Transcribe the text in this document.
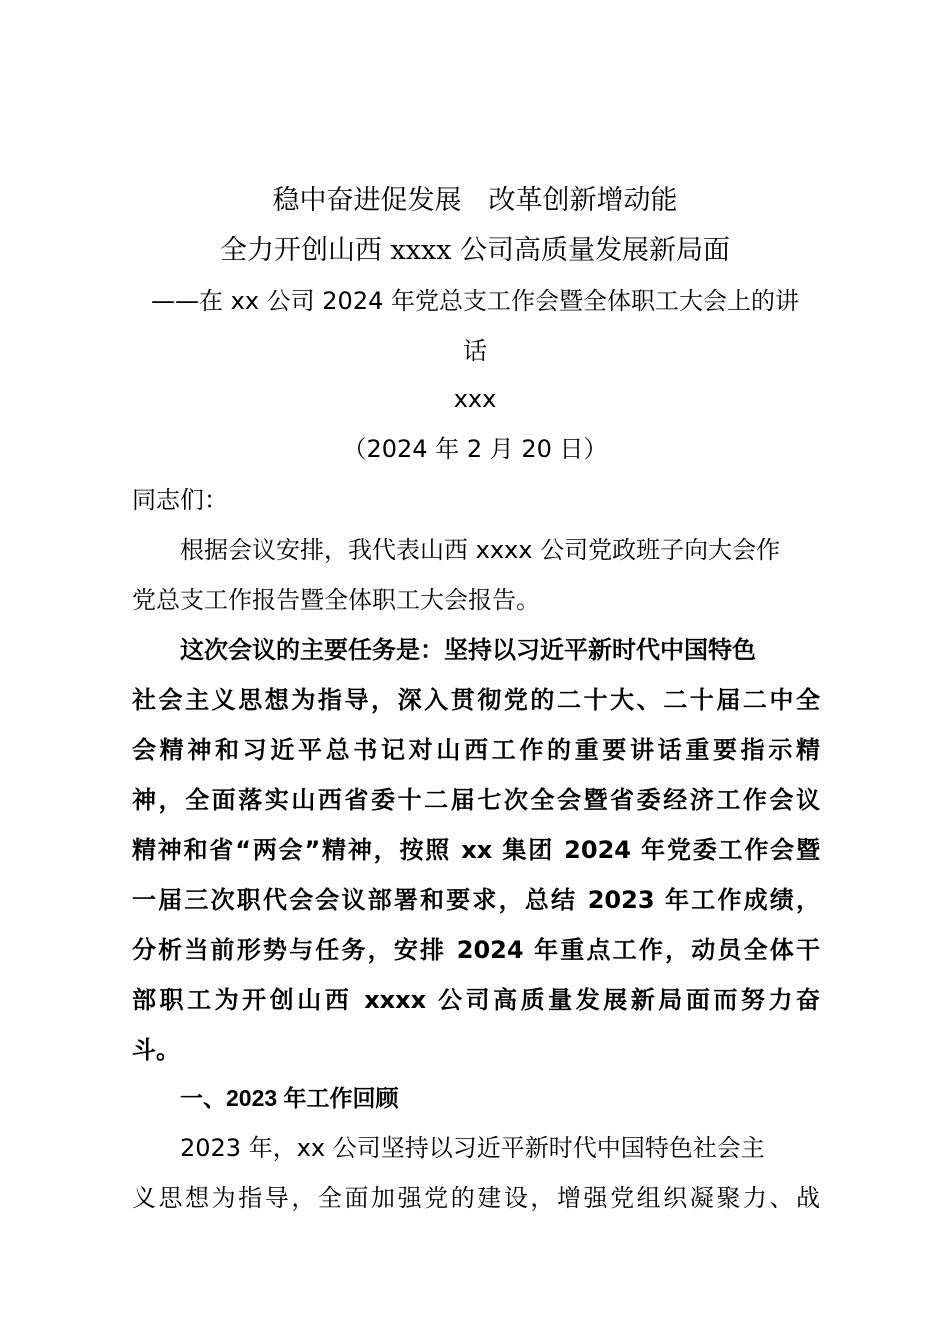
稳中奋进促发展　改革创新增动能
全力开创山西 xxxx 公司高质量发展新局面
——在 xx 公司 2024 年党总支工作会暨全体职工大会上的讲
话
xxx
（2024 年 2 月 20 日）
同志们：
根据会议安排，我代表山西 xxxx 公司党政班子向大会作
党总支工作报告暨全体职工大会报告。
这次会议的主要任务是：坚持以习近平新时代中国特色
社会主义思想为指导，深入贯彻党的二十大、二十届二中全
会精神和习近平总书记对山西工作的重要讲话重要指示精
神，全面落实山西省委十二届七次全会暨省委经济工作会议
精神和省“两会”精神，按照 xx 集团 2024 年党委工作会暨
一届三次职代会会议部署和要求，总结 2023 年工作成绩，
分析当前形势与任务，安排 2024 年重点工作，动员全体干
部职工为开创山西 xxxx 公司高质量发展新局面而努力奋
斗。
一、2023 年工作回顾
2023 年，xx 公司坚持以习近平新时代中国特色社会主
义思想为指导，全面加强党的建设，增强党组织凝聚力、战
